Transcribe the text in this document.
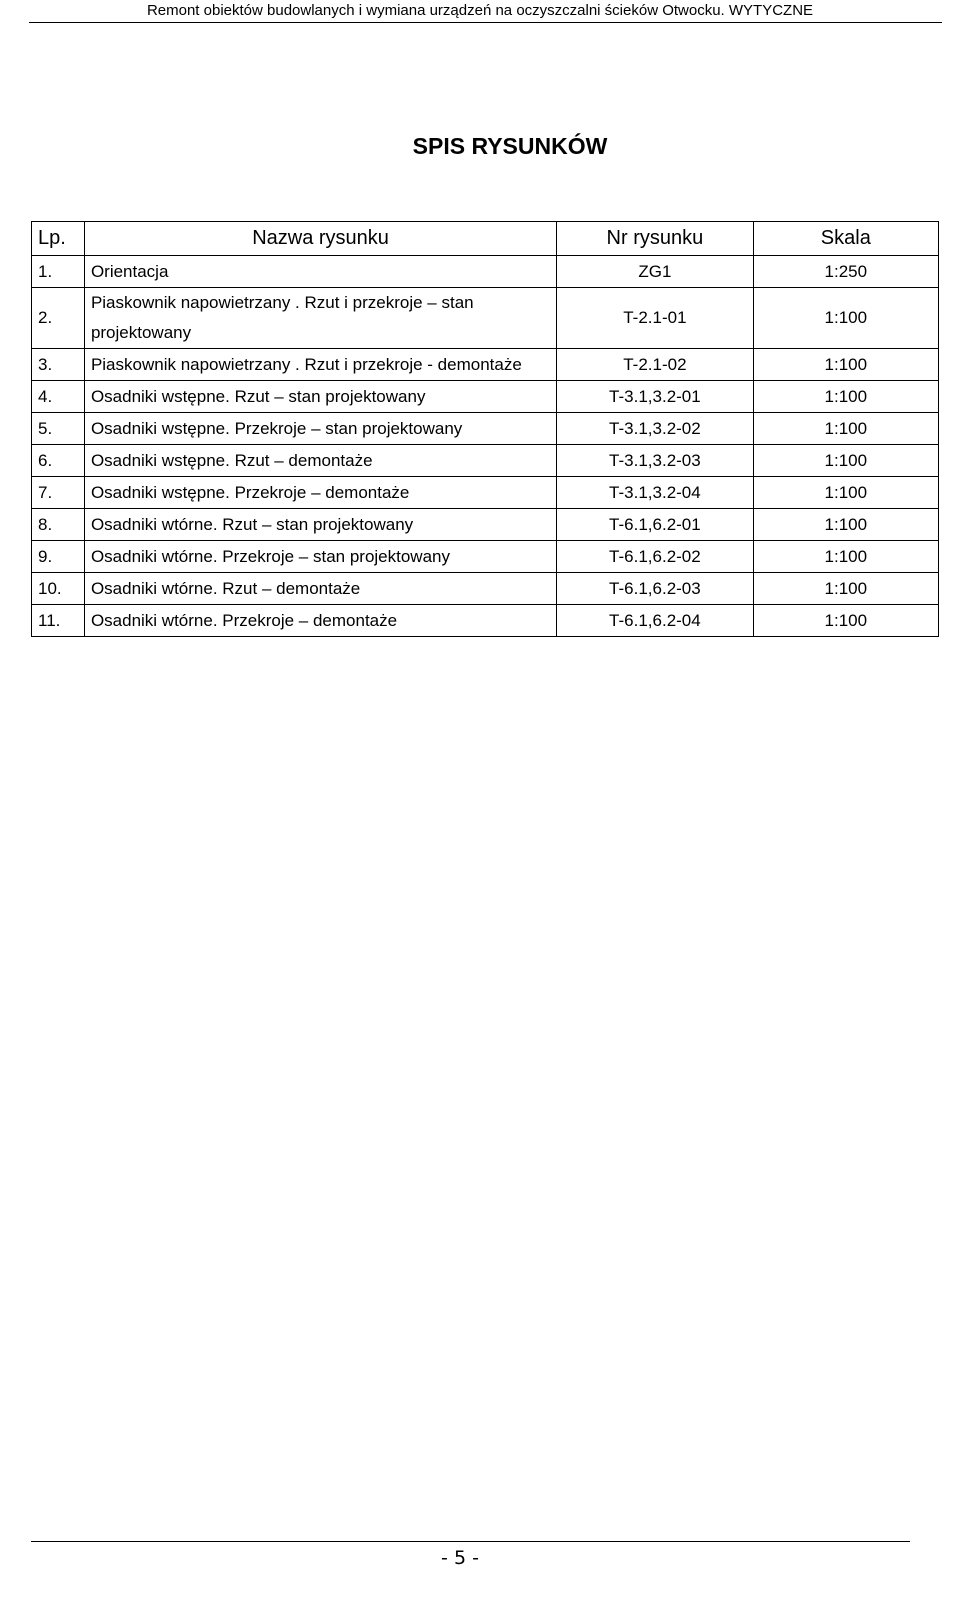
Remont obiektów budowlanych i wymiana urządzeń na oczyszczalni ścieków Otwocku. WYTYCZNE
SPIS RYSUNKÓW
Lp.	Nazwa rysunku	Nr rysunku	Skala
1.	Orientacja	ZG1	1:250
2.	Piaskownik napowietrzany . Rzut i przekroje – stan projektowany	T-2.1-01	1:100
3.	Piaskownik napowietrzany . Rzut i przekroje - demontaże	T-2.1-02	1:100
4.	Osadniki wstępne. Rzut – stan projektowany	T-3.1,3.2-01	1:100
5.	Osadniki wstępne. Przekroje – stan projektowany	T-3.1,3.2-02	1:100
6.	Osadniki wstępne. Rzut – demontaże	T-3.1,3.2-03	1:100
7.	Osadniki wstępne. Przekroje – demontaże	T-3.1,3.2-04	1:100
8.	Osadniki wtórne. Rzut – stan projektowany	T-6.1,6.2-01	1:100
9.	Osadniki wtórne. Przekroje – stan projektowany	T-6.1,6.2-02	1:100
10.	Osadniki wtórne. Rzut – demontaże	T-6.1,6.2-03	1:100
11.	Osadniki wtórne. Przekroje – demontaże	T-6.1,6.2-04	1:100
- 5 -
